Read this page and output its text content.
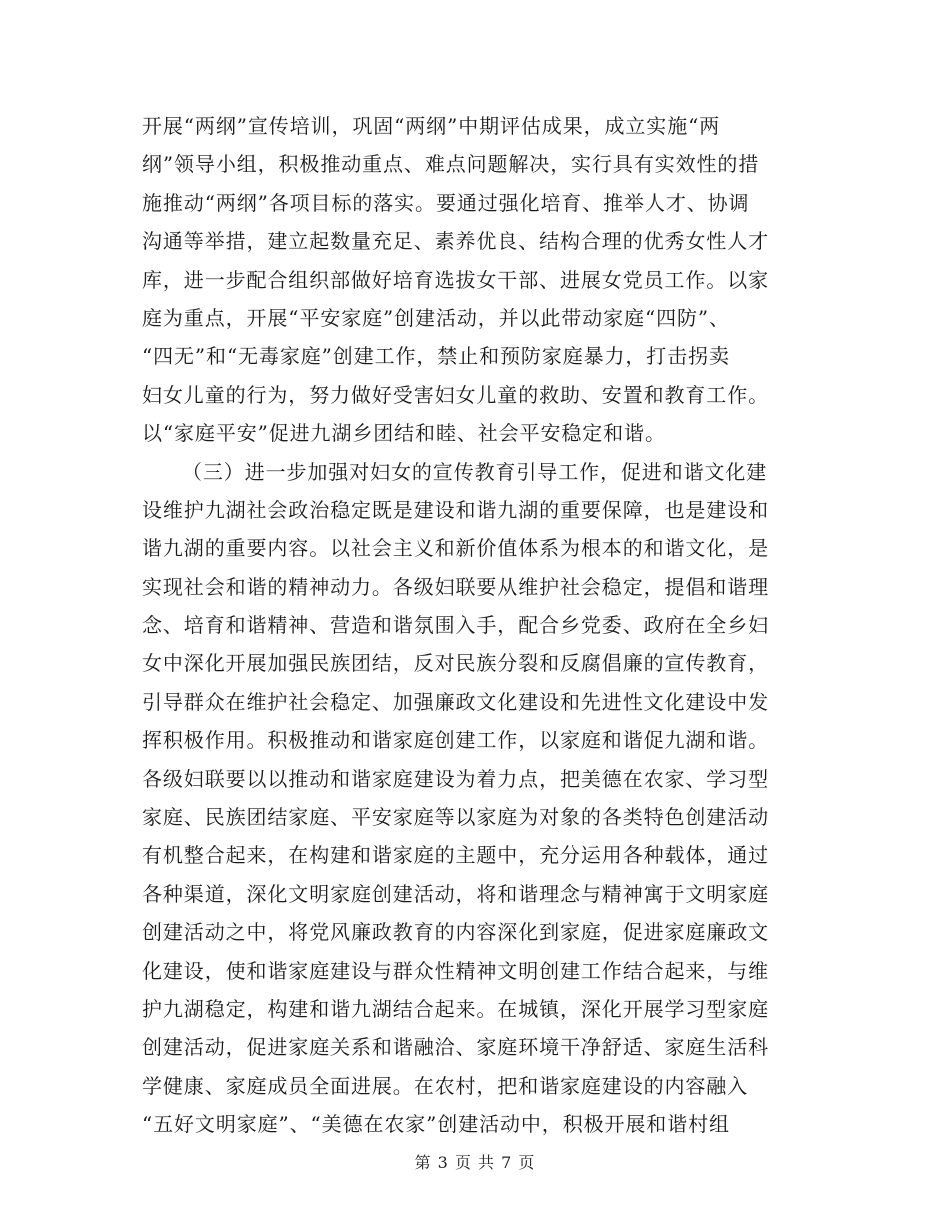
开展“两纲”宣传培训，巩固“两纲”中期评估成果，成立实施“两
纲”领导小组，积极推动重点、难点问题解决，实行具有实效性的措
施推动“两纲”各项目标的落实。要通过强化培育、推举人才、协调
沟通等举措，建立起数量充足、素养优良、结构合理的优秀女性人才
库，进一步配合组织部做好培育选拔女干部、进展女党员工作。以家
庭为重点，开展“平安家庭”创建活动，并以此带动家庭“四防”、
“四无”和“无毒家庭”创建工作，禁止和预防家庭暴力，打击拐卖
妇女儿童的行为，努力做好受害妇女儿童的救助、安置和教育工作。
以“家庭平安”促进九湖乡团结和睦、社会平安稳定和谐。
（三）进一步加强对妇女的宣传教育引导工作，促进和谐文化建
设维护九湖社会政治稳定既是建设和谐九湖的重要保障，也是建设和
谐九湖的重要内容。以社会主义和新价值体系为根本的和谐文化，是
实现社会和谐的精神动力。各级妇联要从维护社会稳定，提倡和谐理
念、培育和谐精神、营造和谐氛围入手，配合乡党委、政府在全乡妇
女中深化开展加强民族团结，反对民族分裂和反腐倡廉的宣传教育，
引导群众在维护社会稳定、加强廉政文化建设和先进性文化建设中发
挥积极作用。积极推动和谐家庭创建工作，以家庭和谐促九湖和谐。
各级妇联要以以推动和谐家庭建设为着力点，把美德在农家、学习型
家庭、民族团结家庭、平安家庭等以家庭为对象的各类特色创建活动
有机整合起来，在构建和谐家庭的主题中，充分运用各种载体，通过
各种渠道，深化文明家庭创建活动，将和谐理念与精神寓于文明家庭
创建活动之中，将党风廉政教育的内容深化到家庭，促进家庭廉政文
化建设，使和谐家庭建设与群众性精神文明创建工作结合起来，与维
护九湖稳定，构建和谐九湖结合起来。在城镇，深化开展学习型家庭
创建活动，促进家庭关系和谐融洽、家庭环境干净舒适、家庭生活科
学健康、家庭成员全面进展。在农村，把和谐家庭建设的内容融入
“五好文明家庭”、“美德在农家”创建活动中，积极开展和谐村组
第 3 页 共 7 页
